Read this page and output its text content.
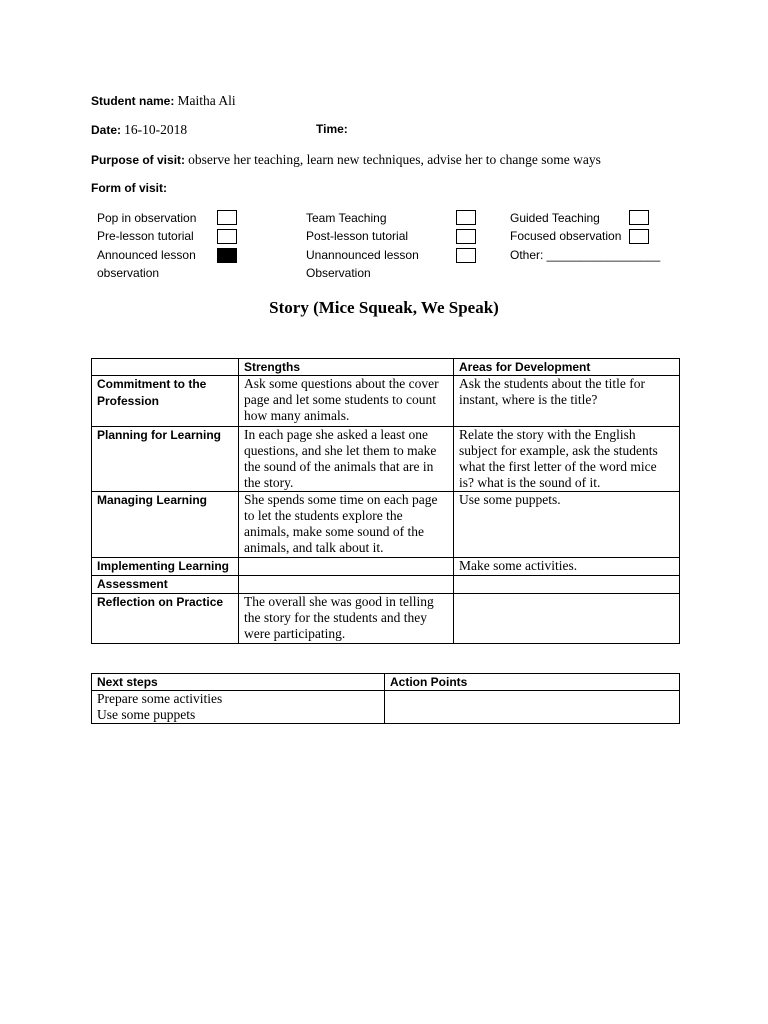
Student name: Maitha Ali
Date: 16-10-2018	Time:
Purpose of visit: observe her teaching, learn new techniques, advise her to change some ways
Form of visit:
Pop in observation
Pre-lesson tutorial
Announced lesson
observation
Team Teaching
Post-lesson tutorial
Unannounced lesson
Observation
Guided Teaching
Focused observation
Other: _________________
Story (Mice Squeak, We Speak)
	Strengths	Areas for Development
Commitment to the Profession	Ask some questions about the cover page and let some students to count how many animals.	Ask the students about the title for instant, where is the title?
Planning for Learning	In each page she asked a least one questions, and she let them to make the sound of the animals that are in the story.	Relate the story with the English subject for example, ask the students what the first letter of the word mice is? what is the sound of it.
Managing Learning	She spends some time on each page to let the students explore the animals, make some sound of the animals, and talk about it.	Use some puppets.
Implementing Learning		Make some activities.
Assessment		
Reflection on Practice	The overall she was good in telling the story for the students and they were participating.	
Next steps	Action Points

Prepare some activities
Use some puppets	
